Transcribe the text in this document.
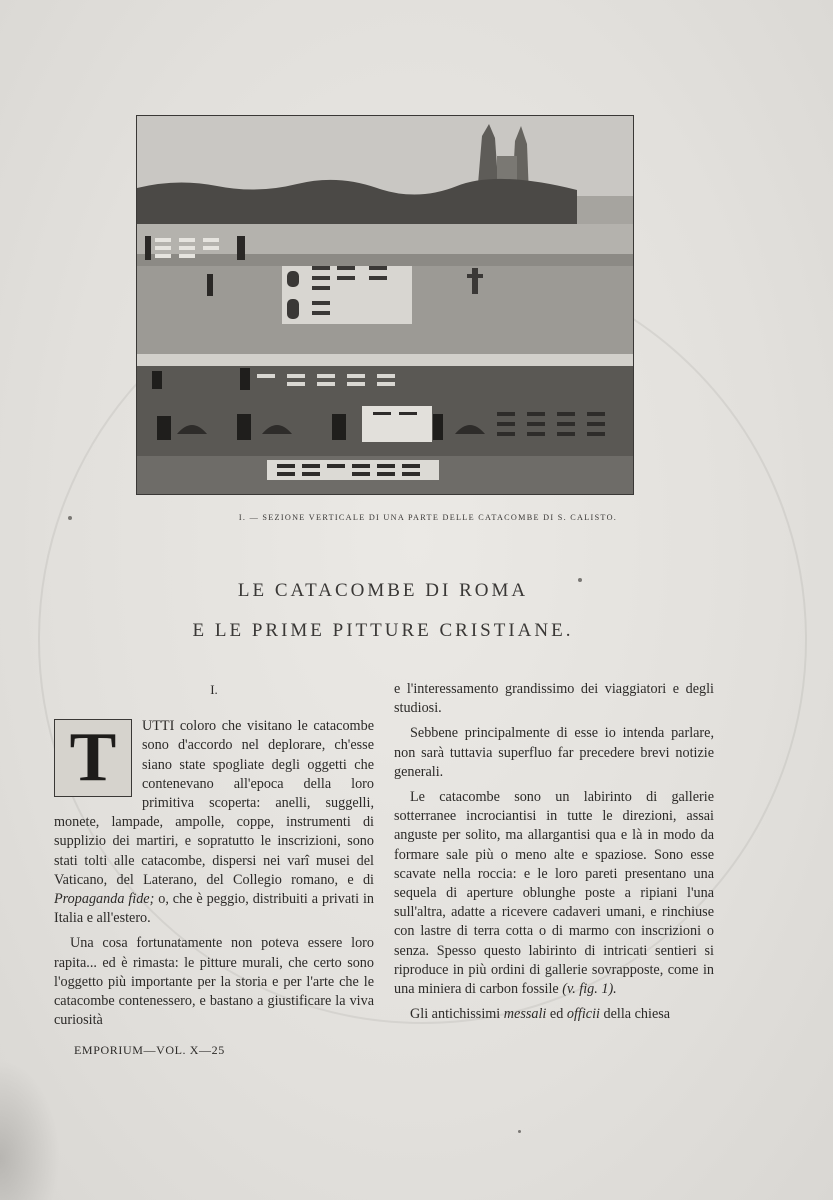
I. — SEZIONE VERTICALE DI UNA PARTE DELLE CATACOMBE DI S. CALISTO.
LE CATACOMBE DI ROMA
E LE PRIME PITTURE CRISTIANE.
I.

T	UTTI coloro che visitano le catacombe sono d'accordo nel deplorare, ch'esse siano state spogliate degli oggetti che contenevano all'epoca della loro primitiva scoperta: anelli, suggelli, monete, lampade, ampolle, coppe, instrumenti di supplizio dei martiri, e sopratutto le inscrizioni, sono stati tolti alle catacombe, dispersi nei varî musei del Vaticano, del Laterano, del Collegio romano, e di Propaganda fide; o, che è peggio, distribuiti a privati in Italia e all'estero.

Una cosa fortunatamente non poteva essere loro rapita... ed è rimasta: le pitture murali, che certo sono l'oggetto più importante per la storia e per l'arte che le catacombe contenessero, e bastano a giustificare la viva curiosità

e l'interessamento grandissimo dei viaggiatori e degli studiosi.

Sebbene principalmente di esse io intenda parlare, non sarà tuttavia superfluo far precedere brevi notizie generali.

Le catacombe sono un labirinto di gallerie sotterranee incrociantisi in tutte le direzioni, assai anguste per solito, ma allargantisi qua e là in modo da formare sale più o meno alte e spaziose. Sono esse scavate nella roccia: e le loro pareti presentano una sequela di aperture oblunghe poste a ripiani l'una sull'altra, adatte a ricevere cadaveri umani, e rinchiuse con lastre di terra cotta o di marmo con inscrizioni o senza. Spesso questo labirinto di intricati sentieri si riproduce in più ordini di gallerie sovrapposte, come in una miniera di carbon fossile (v. fig. 1).

Gli antichissimi messali ed officii della chiesa

EMPORIUM—VOL. X—25
